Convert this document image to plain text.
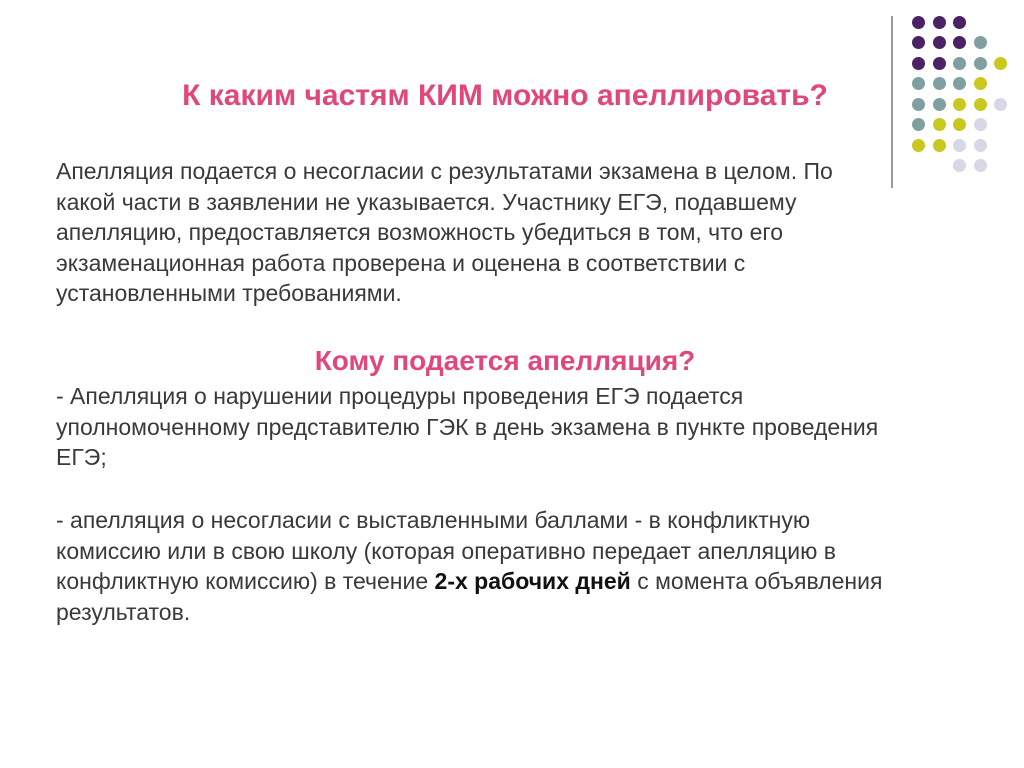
К каким частям КИМ можно апеллировать?
Апелляция подается о несогласии с результатами экзамена в целом. По
какой части в заявлении не указывается. Участнику ЕГЭ, подавшему
апелляцию, предоставляется возможность убедиться в том, что его
экзаменационная работа проверена и оценена в соответствии с
установленными требованиями.
Кому подается апелляция?
- Апелляция о нарушении процедуры проведения ЕГЭ подается
уполномоченному представителю ГЭК в день экзамена в пункте проведения
ЕГЭ;
- апелляция о несогласии с выставленными баллами - в конфликтную
комиссию или в свою школу (которая оперативно передает апелляцию в
конфликтную комиссию) в течение 2-х рабочих дней с момента объявления
результатов.
